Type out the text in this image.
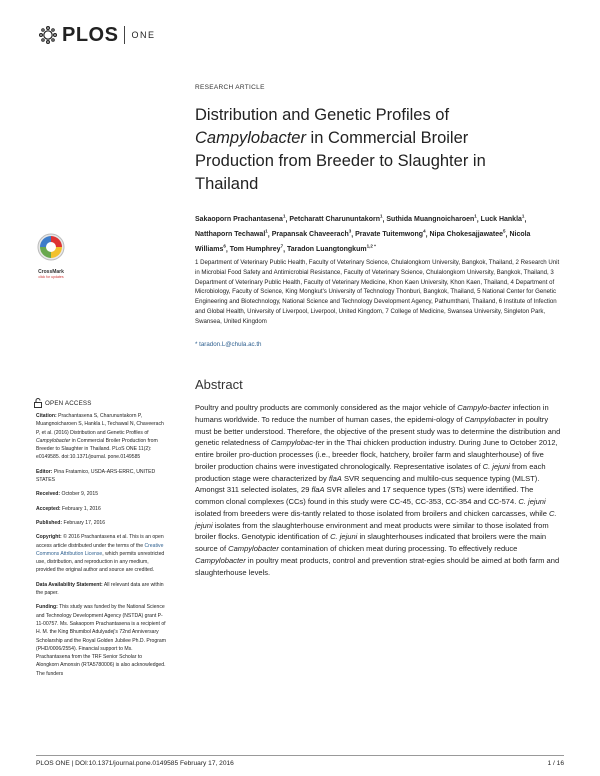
PLOS ONE
RESEARCH ARTICLE
Distribution and Genetic Profiles of
Campylobacter in Commercial Broiler
Production from Breeder to Slaughter in
Thailand
Sakaoporn Prachantasena$^1$, Petcharatt Charununtakorn$^1$, Suthida Muangnoicharoen$^1$, Luck Hankla$^1$, Natthaporn Techawal$^1$, Prapansak Chaveerach$^3$, Pravate Tuitemwong$^4$, Nipa Chokesajjawatee$^5$, Nicola Williams$^6$, Tom Humphrey$^7$, Taradon Luangtongkum$^{1,2 *}$
1 Department of Veterinary Public Health, Faculty of Veterinary Science, Chulalongkorn University, Bangkok, Thailand, 2 Research Unit in Microbial Food Safety and Antimicrobial Resistance, Faculty of Veterinary Science, Chulalongkorn University, Bangkok, Thailand, 3 Department of Veterinary Public Health, Faculty of Veterinary Medicine, Khon Kaen University, Khon Kaen, Thailand, 4 Department of Microbiology, Faculty of Science, King Mongkut's University of Technology Thonburi, Bangkok, Thailand, 5 National Center for Genetic Engineering and Biotechnology, National Science and Technology Development Agency, Pathumthani, Thailand, 6 Institute of Infection and Global Health, University of Liverpool, Liverpool, United Kingdom, 7 College of Medicine, Swansea University, Singleton Park, Swansea, United Kingdom
* taradon.L@chula.ac.th
CrossMark
click for updates
OPEN ACCESS
Citation: Prachantasena S, Charununtakorn P, Muangnoicharoen S, Hankla L, Techawal N, Chaveerach P, et al. (2016) Distribution and Genetic Profiles of Campylobacter in Commercial Broiler Production from Breeder to Slaughter in Thailand. PLoS ONE 11(2): e0149585. doi:10.1371/journal. pone.0149585
Editor: Pina Fratamico, USDA-ARS-ERRC, UNITED STATES
Received: October 9, 2015
Accepted: February 1, 2016
Published: February 17, 2016
Copyright: © 2016 Prachantasena et al. This is an open access article distributed under the terms of the Creative Commons Attribution License, which permits unrestricted use, distribution, and reproduction in any medium, provided the original author and source are credited.
Data Availability Statement: All relevant data are within the paper.
Funding: This study was funded by the National Science and Technology Development Agency (NSTDA) grant P-11-00757. Ms. Sakaoporn Prachantasena is a recipient of H. M. the King Bhumibol Adulyadej's 72nd Anniversary Scholarship and the Royal Golden Jubilee Ph.D. Program (PHD/0006/2554). Financial support to Ms. Prachantasena from the TRF Senior Scholar to Alongkorn Amonsin (RTA5780006) is also acknowledged. The funders
Abstract
Poultry and poultry products are commonly considered as the major vehicle of Campylo-bacter infection in humans worldwide. To reduce the number of human cases, the epidemi-ology of Campylobacter in poultry must be better understood. Therefore, the objective of the present study was to determine the distribution and genetic relatedness of Campylobac-ter in the Thai chicken production industry. During June to October 2012, entire broiler pro-duction processes (i.e., breeder flock, hatchery, broiler farm and slaughterhouse) of five broiler production chains were investigated chronologically. Representative isolates of C. jejuni from each production stage were characterized by flaA SVR sequencing and multilo-cus sequence typing (MLST). Amongst 311 selected isolates, 29 flaA SVR alleles and 17 sequence types (STs) were identified. The common clonal complexes (CCs) found in this study were CC-45, CC-353, CC-354 and CC-574. C. jejuni isolated from breeders were dis-tantly related to those isolated from broilers and chicken carcasses, while C. jejuni isolates from the slaughterhouse environment and meat products were similar to those isolated from broiler flocks. Genotypic identification of C. jejuni in slaughterhouses indicated that broilers were the main source of Campylobacter contamination of chicken meat during processing. To effectively reduce Campylobacter in poultry meat products, control and prevention strat-egies should be aimed at both farm and slaughterhouse levels.
PLOS ONE | DOI:10.1371/journal.pone.0149585 February 17, 2016	1 / 16
